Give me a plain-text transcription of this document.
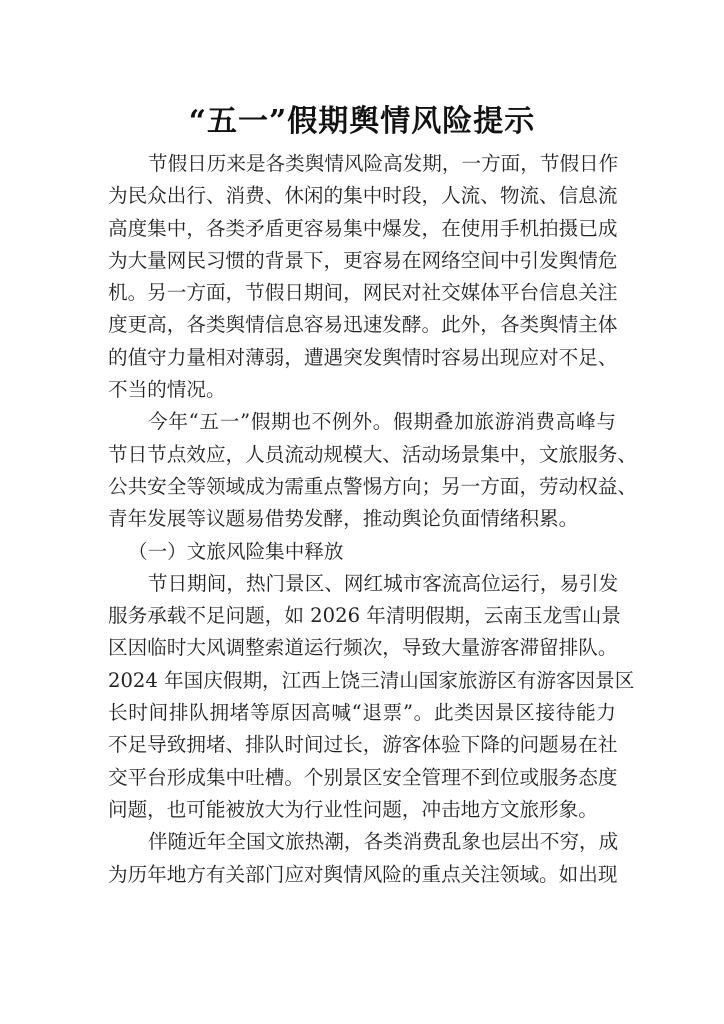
“五一”假期舆情风险提示
节假日历来是各类舆情风险高发期，一方面，节假日作
为民众出行、消费、休闲的集中时段，人流、物流、信息流
高度集中，各类矛盾更容易集中爆发，在使用手机拍摄已成
为大量网民习惯的背景下，更容易在网络空间中引发舆情危
机。另一方面，节假日期间，网民对社交媒体平台信息关注
度更高，各类舆情信息容易迅速发酵。此外，各类舆情主体
的值守力量相对薄弱，遭遇突发舆情时容易出现应对不足、
不当的情况。
今年“五一”假期也不例外。假期叠加旅游消费高峰与
节日节点效应，人员流动规模大、活动场景集中，文旅服务、
公共安全等领域成为需重点警惕方向；另一方面，劳动权益、
青年发展等议题易借势发酵，推动舆论负面情绪积累。
（一）文旅风险集中释放
节日期间，热门景区、网红城市客流高位运行，易引发
服务承载不足问题，如 2026 年清明假期，云南玉龙雪山景
区因临时大风调整索道运行频次，导致大量游客滞留排队。
2024 年国庆假期，江西上饶三清山国家旅游区有游客因景区
长时间排队拥堵等原因高喊“退票”。此类因景区接待能力
不足导致拥堵、排队时间过长，游客体验下降的问题易在社
交平台形成集中吐槽。个别景区安全管理不到位或服务态度
问题，也可能被放大为行业性问题，冲击地方文旅形象。
伴随近年全国文旅热潮，各类消费乱象也层出不穷，成
为历年地方有关部门应对舆情风险的重点关注领域。如出现
